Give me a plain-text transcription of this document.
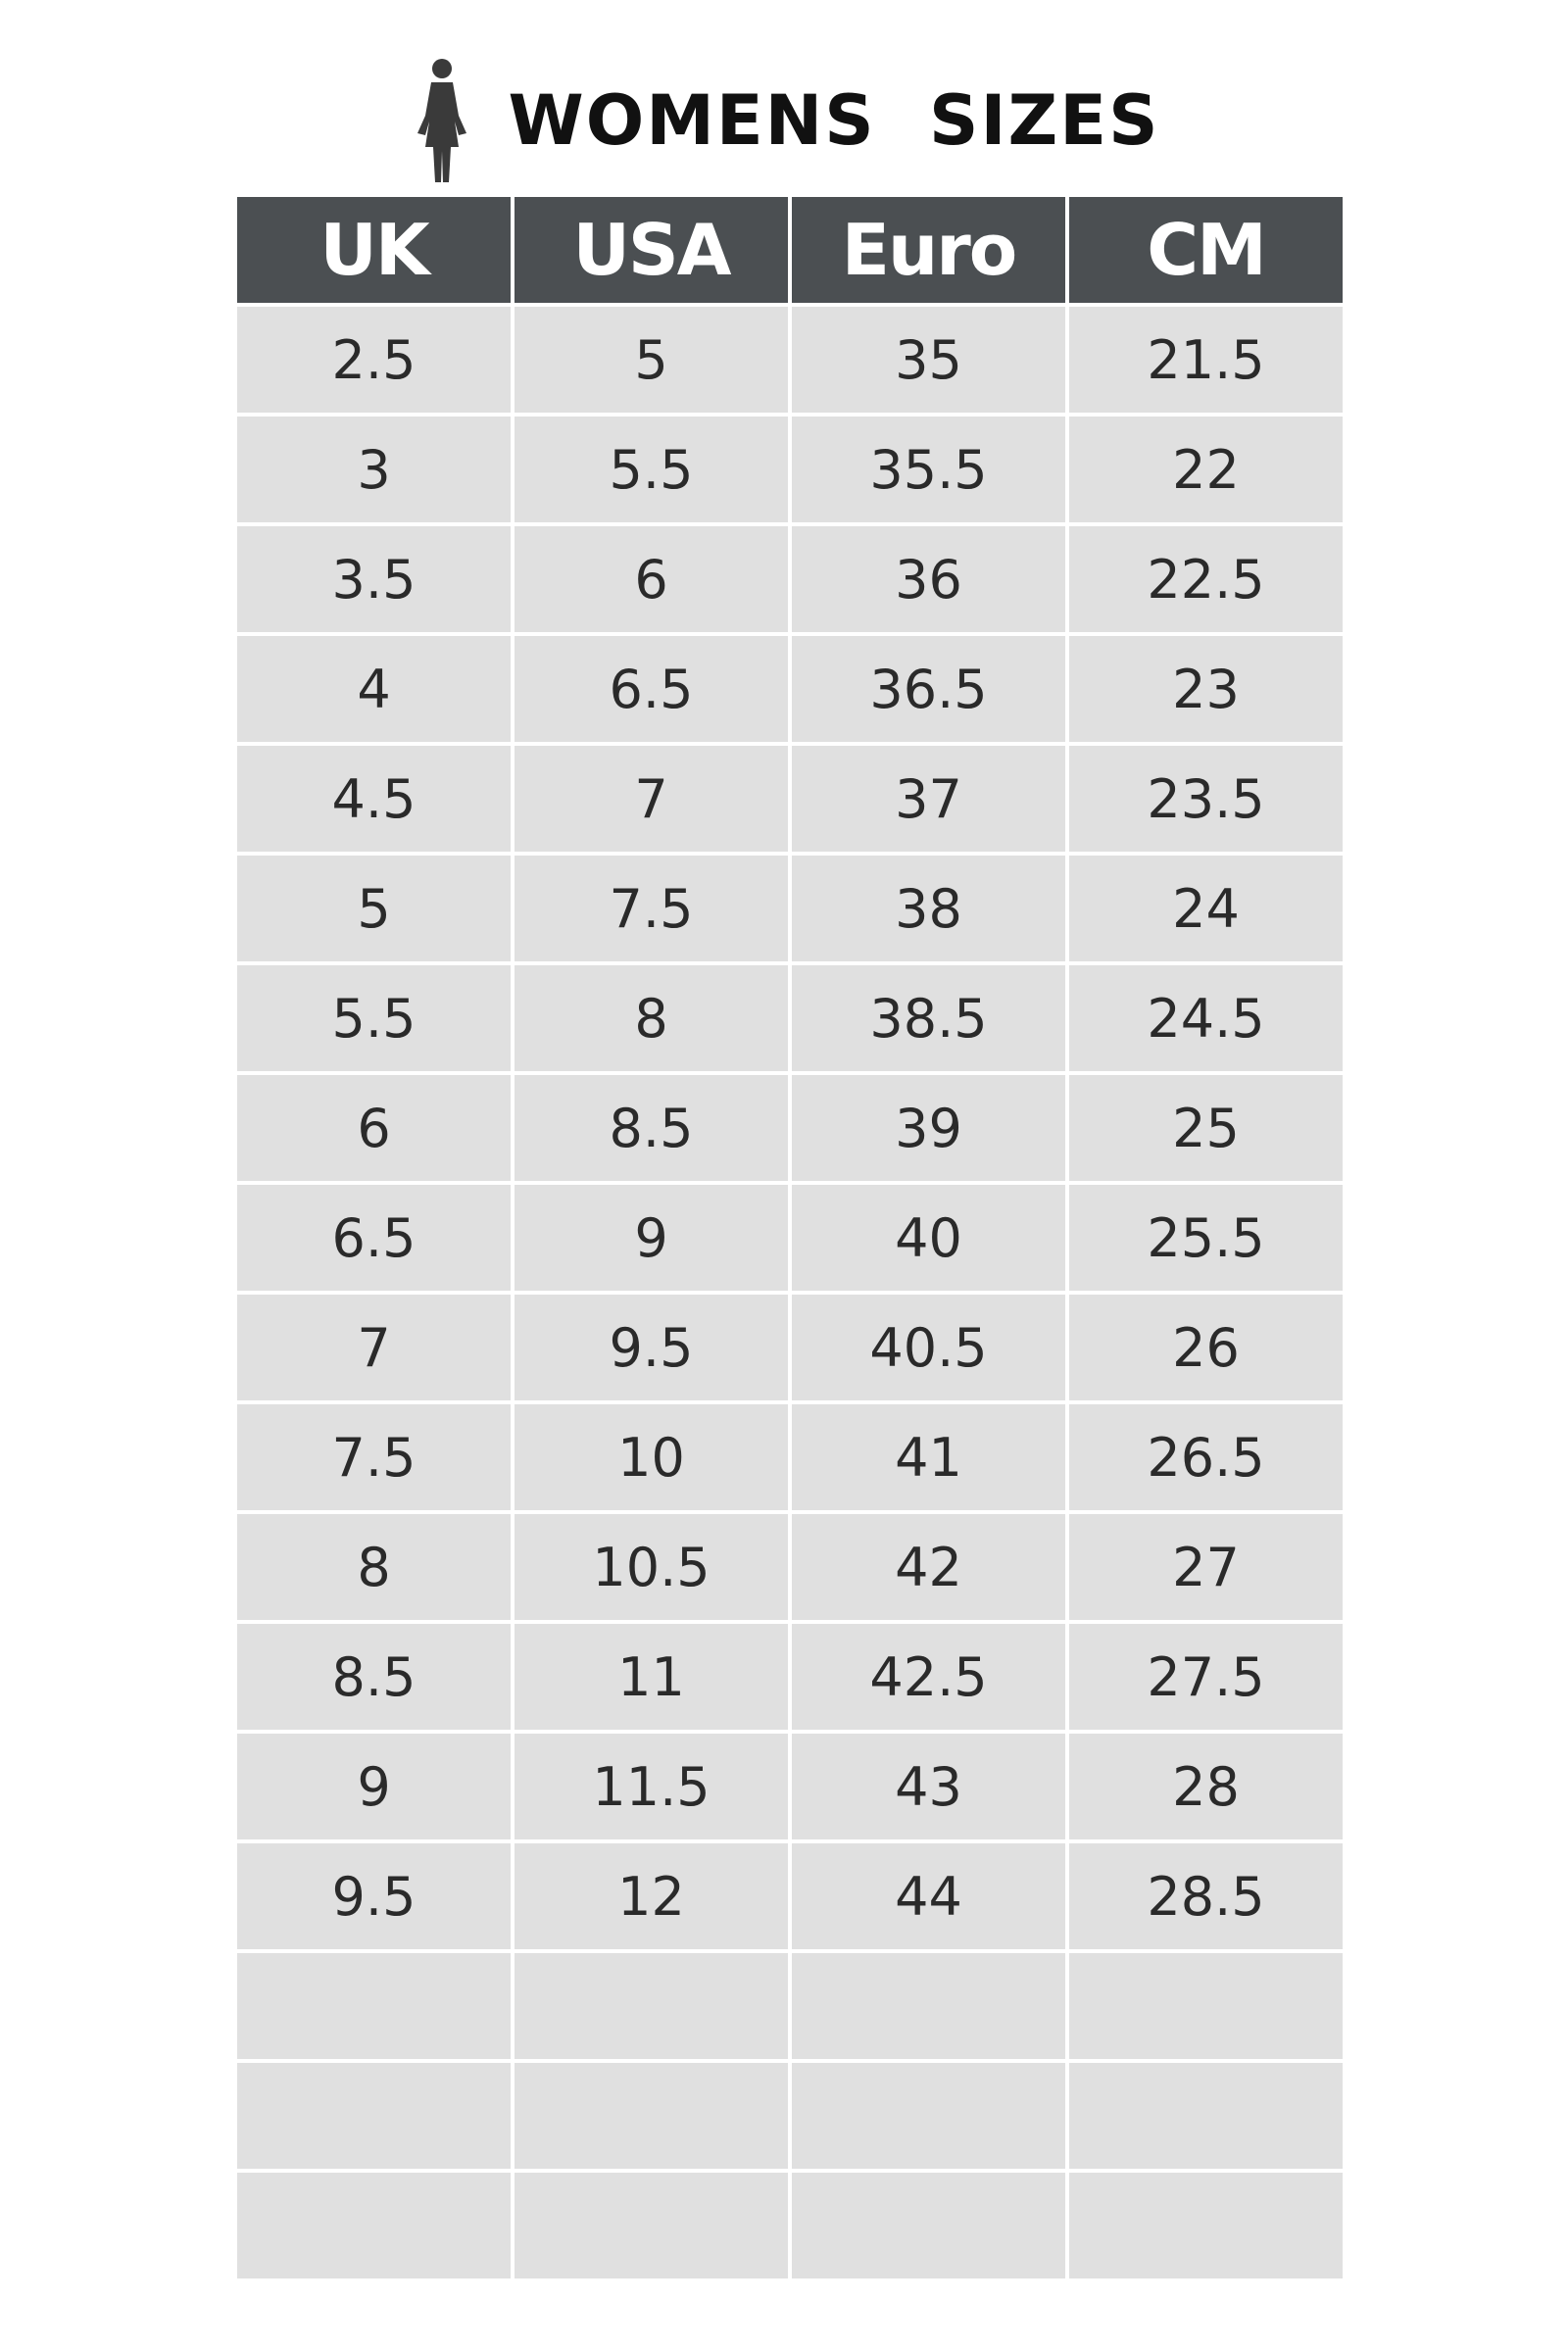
WOMENS SIZES
UK	USA	Euro	CM
2.5	5	35	21.5
3	5.5	35.5	22
3.5	6	36	22.5
4	6.5	36.5	23
4.5	7	37	23.5
5	7.5	38	24
5.5	8	38.5	24.5
6	8.5	39	25
6.5	9	40	25.5
7	9.5	40.5	26
7.5	10	41	26.5
8	10.5	42	27
8.5	11	42.5	27.5
9	11.5	43	28
9.5	12	44	28.5
